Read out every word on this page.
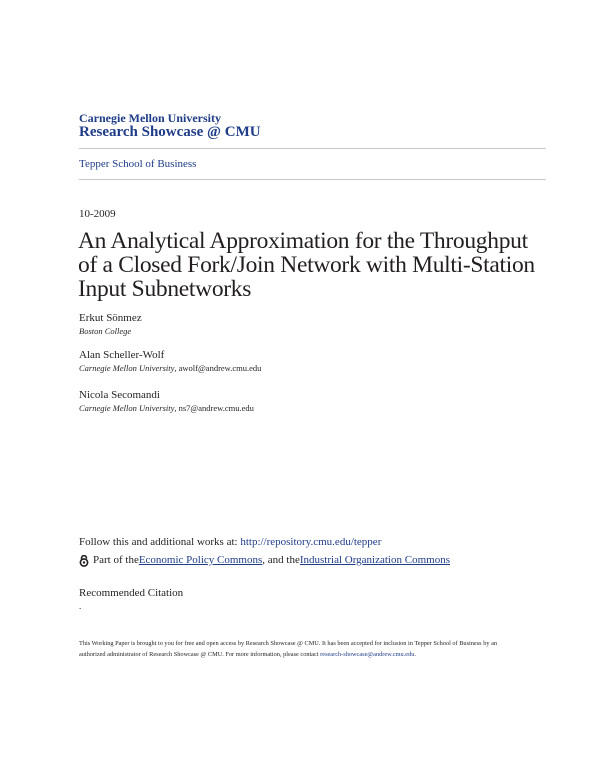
Carnegie Mellon University
Research Showcase @ CMU
Tepper School of Business
10-2009
An Analytical Approximation for the Throughput of a Closed Fork/Join Network with Multi-Station Input Subnetworks
Erkut Sönmez
Boston College
Alan Scheller-Wolf
Carnegie Mellon University, awolf@andrew.cmu.edu
Nicola Secomandi
Carnegie Mellon University, ns7@andrew.cmu.edu
Follow this and additional works at: http://repository.cmu.edu/tepper
Part of the Economic Policy Commons , and the Industrial Organization Commons
Recommended Citation
.
This Working Paper is brought to you for free and open access by Research Showcase @ CMU. It has been accepted for inclusion in Tepper School of Business by an authorized administrator of Research Showcase @ CMU. For more information, please contact research-showcase@andrew.cmu.edu.
